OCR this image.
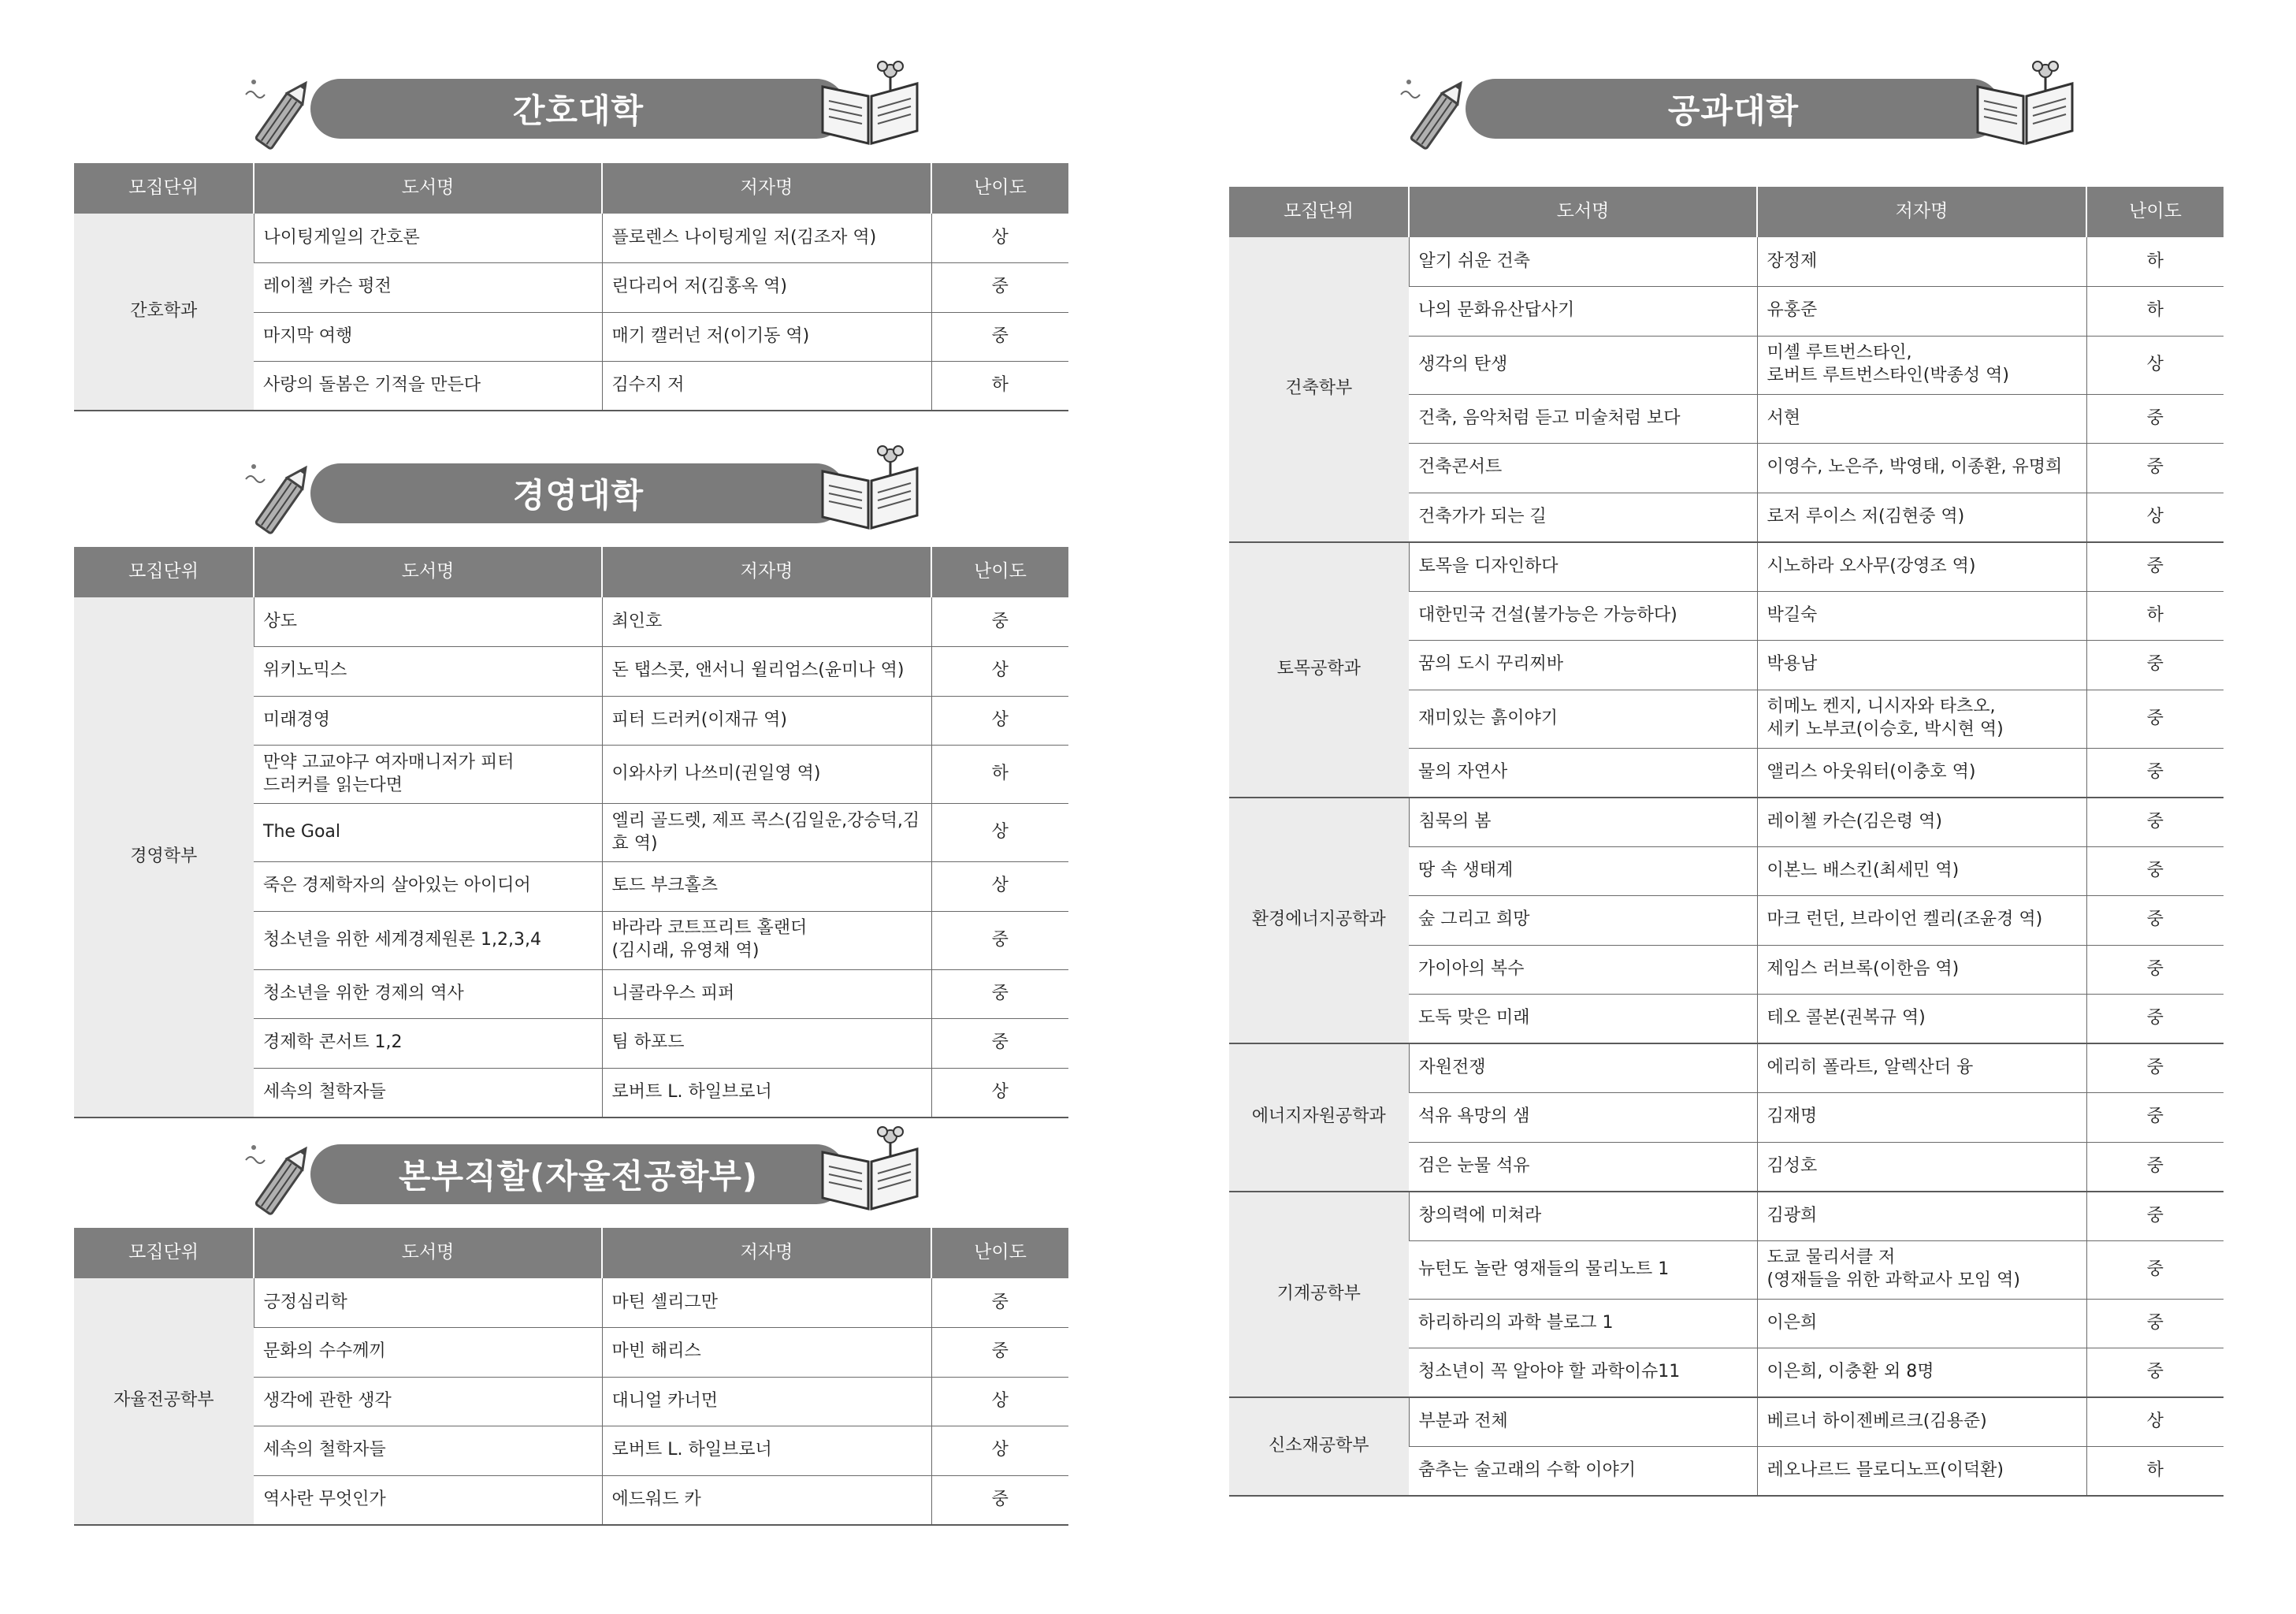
간호대학
모집단위	도서명	저자명	난이도
간호학과	나이팅게일의 간호론	플로렌스 나이팅게일 저(김조자 역)	상
	레이첼 카슨 평전	린다리어 저(김홍옥 역)	중
	마지막 여행	매기 캘러넌 저(이기동 역)	중
	사랑의 돌봄은 기적을 만든다	김수지 저	하
경영대학
모집단위	도서명	저자명	난이도
경영학부	상도	최인호	중
	위키노믹스	돈 탭스콧, 앤서니 윌리엄스(윤미나 역)	상
	미래경영	피터 드러커(이재규 역)	상
	만약 고교야구 여자매니저가 피터
드러커를 읽는다면	이와사키 나쓰미(권일영 역)	하
	The Goal	엘리 골드렛, 제프 콕스(김일운,강승덕,김
효 역)	상
	죽은 경제학자의 살아있는 아이디어	토드 부크홀츠	상
	청소년을 위한 세계경제원론 1,2,3,4	바라라 코트프리트 홀랜더
(김시래, 유영채 역)	중
	청소년을 위한 경제의 역사	니콜라우스 피퍼	중
	경제학 콘서트 1,2	팀 하포드	중
	세속의 철학자들	로버트 L. 하일브로너	상
본부직할(자율전공학부)
모집단위	도서명	저자명	난이도
자율전공학부	긍정심리학	마틴 셀리그만	중
	문화의 수수께끼	마빈 해리스	중
	생각에 관한 생각	대니얼 카너먼	상
	세속의 철학자들	로버트 L. 하일브로너	상
	역사란 무엇인가	에드워드 카	중
공과대학
모집단위	도서명	저자명	난이도
건축학부	알기 쉬운 건축	장정제	하
	나의 문화유산답사기	유홍준	하
	생각의 탄생	미셸 루트번스타인,
로버트 루트번스타인(박종성 역)	상
	건축, 음악처럼 듣고 미술처럼 보다	서현	중
	건축콘서트	이영수, 노은주, 박영태, 이종환, 유명희	중
	건축가가 되는 길	로저 루이스 저(김현중 역)	상
토목공학과	토목을 디자인하다	시노하라 오사무(강영조 역)	중
	대한민국 건설(불가능은 가능하다)	박길숙	하
	꿈의 도시 꾸리찌바	박용남	중
	재미있는 흙이야기	히메노 켄지, 니시자와 타츠오,
세키 노부코(이승호, 박시현 역)	중
	물의 자연사	앨리스 아웃워터(이충호 역)	중
환경에너지공학과	침묵의 봄	레이첼 카슨(김은령 역)	중
	땅 속 생태계	이본느 배스킨(최세민 역)	중
	숲 그리고 희망	마크 런던, 브라이언 켈리(조윤경 역)	중
	가이아의 복수	제임스 러브록(이한음 역)	중
	도둑 맞은 미래	테오 콜본(권복규 역)	중
에너지자원공학과	자원전쟁	에리히 폴라트, 알렉산더 융	중
	석유 욕망의 샘	김재명	중
	검은 눈물 석유	김성호	중
기계공학부	창의력에 미쳐라	김광희	중
	뉴턴도 놀란 영재들의 물리노트 1	도쿄 물리서클 저
(영재들을 위한 과학교사 모임 역)	중
	하리하리의 과학 블로그 1	이은희	중
	청소년이 꼭 알아야 할 과학이슈11	이은희, 이충환 외 8명	중
신소재공학부	부분과 전체	베르너 하이젠베르크(김용준)	상
	춤추는 술고래의 수학 이야기	레오나르드 믈로디노프(이덕환)	하
